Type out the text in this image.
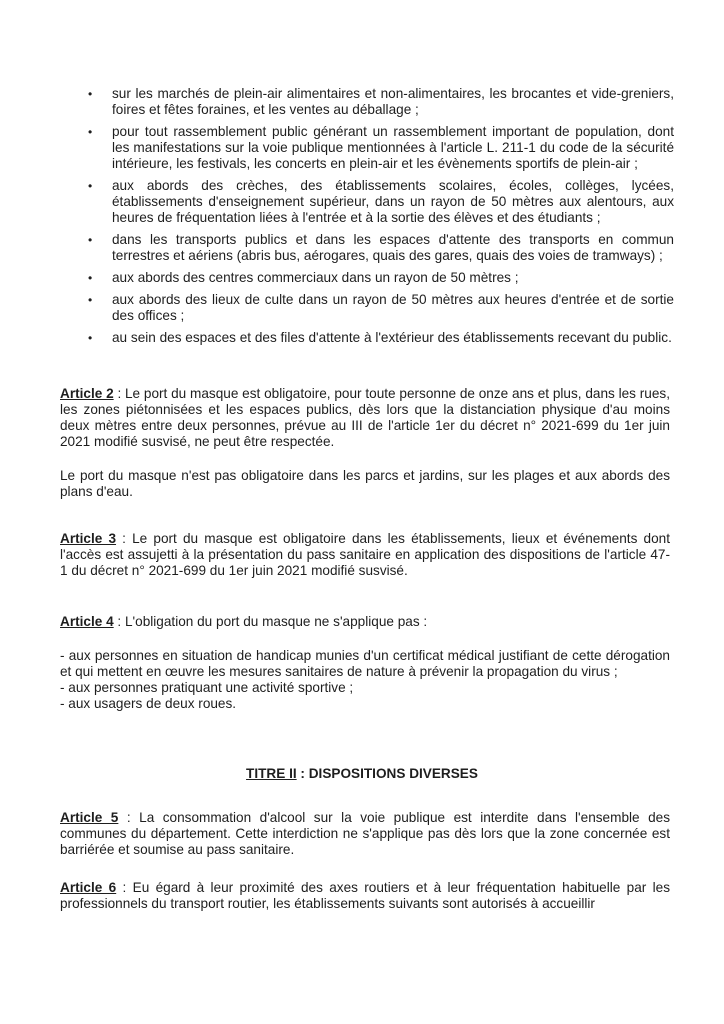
• sur les marchés de plein-air alimentaires et non-alimentaires, les brocantes et vide-greniers, foires et fêtes foraines, et les ventes au déballage ;
• pour tout rassemblement public générant un rassemblement important de population, dont les manifestations sur la voie publique mentionnées à l'article L. 211-1 du code de la sécurité intérieure, les festivals, les concerts en plein-air et les évènements sportifs de plein-air ;
• aux abords des crèches, des établissements scolaires, écoles, collèges, lycées, établissements d'enseignement supérieur, dans un rayon de 50 mètres aux alentours, aux heures de fréquentation liées à l'entrée et à la sortie des élèves et des étudiants ;
• dans les transports publics et dans les espaces d'attente des transports en commun terrestres et aériens (abris bus, aérogares, quais des gares, quais des voies de tramways) ;
• aux abords des centres commerciaux dans un rayon de 50 mètres ;
• aux abords des lieux de culte dans un rayon de 50 mètres aux heures d'entrée et de sortie des offices ;
• au sein des espaces et des files d'attente à l'extérieur des établissements recevant du public.
Article 2 : Le port du masque est obligatoire, pour toute personne de onze ans et plus, dans les rues, les zones piétonnisées et les espaces publics, dès lors que la distanciation physique d'au moins deux mètres entre deux personnes, prévue au III de l'article 1er du décret n° 2021-699 du 1er juin 2021 modifié susvisé, ne peut être respectée.
Le port du masque n'est pas obligatoire dans les parcs et jardins, sur les plages et aux abords des plans d'eau.
Article 3 : Le port du masque est obligatoire dans les établissements, lieux et événements dont l'accès est assujetti à la présentation du pass sanitaire en application des dispositions de l'article 47-1 du décret n° 2021-699 du 1er juin 2021 modifié susvisé.
Article 4 : L'obligation du port du masque ne s'applique pas :
- aux personnes en situation de handicap munies d'un certificat médical justifiant de cette dérogation et qui mettent en œuvre les mesures sanitaires de nature à prévenir la propagation du virus ;
- aux personnes pratiquant une activité sportive ;
- aux usagers de deux roues.
TITRE II : DISPOSITIONS DIVERSES
Article 5 : La consommation d'alcool sur la voie publique est interdite dans l'ensemble des communes du département. Cette interdiction ne s'applique pas dès lors que la zone concernée est barriérée et soumise au pass sanitaire.
Article 6 : Eu égard à leur proximité des axes routiers et à leur fréquentation habituelle par les professionnels du transport routier, les établissements suivants sont autorisés à accueillir
